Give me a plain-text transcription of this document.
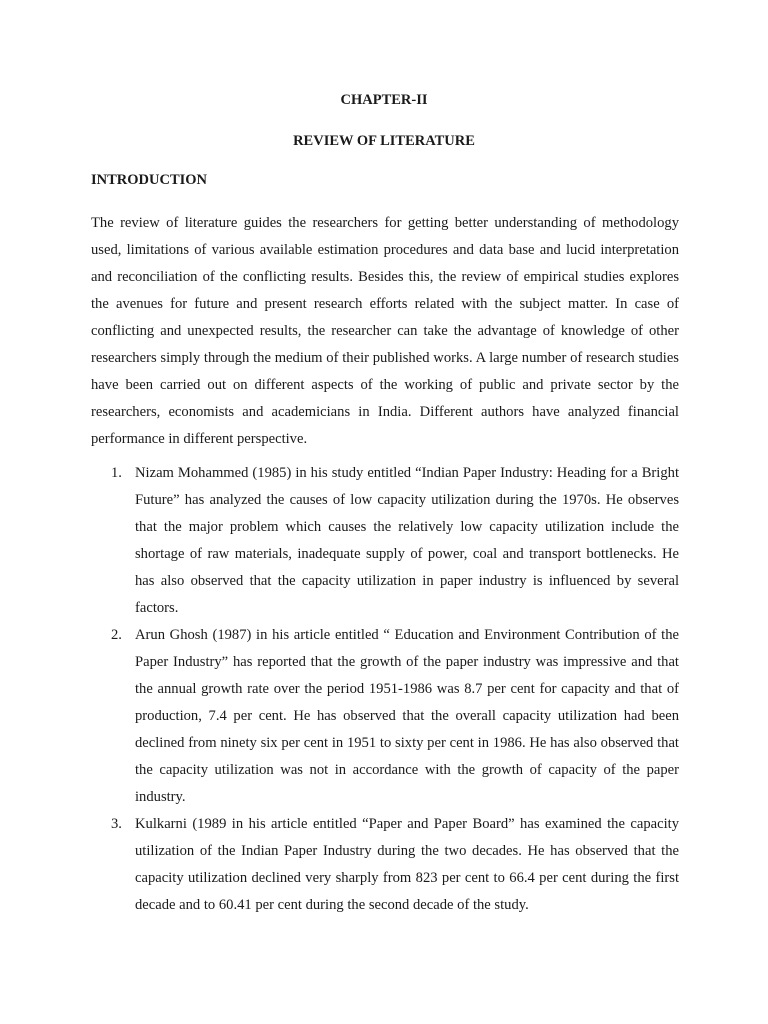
CHAPTER-II
REVIEW OF LITERATURE
INTRODUCTION

The review of literature guides the researchers for getting better understanding of methodology used, limitations of various available estimation procedures and data base and lucid interpretation and reconciliation of the conflicting results. Besides this, the review of empirical studies explores the avenues for future and present research efforts related with the subject matter. In case of conflicting and unexpected results, the researcher can take the advantage of knowledge of other researchers simply through the medium of their published works. A large number of research studies have been carried out on different aspects of the working of public and private sector by the researchers, economists and academicians in India. Different authors have analyzed financial performance in different perspective.

1. Nizam Mohammed (1985) in his study entitled “Indian Paper Industry: Heading for a Bright Future” has analyzed the causes of low capacity utilization during the 1970s. He observes that the major problem which causes the relatively low capacity utilization include the shortage of raw materials, inadequate supply of power, coal and transport bottlenecks. He has also observed that the capacity utilization in paper industry is influenced by several factors.
2. Arun Ghosh (1987) in his article entitled “ Education and Environment Contribution of the Paper Industry” has reported that the growth of the paper industry was impressive and that the annual growth rate over the period 1951-1986 was 8.7 per cent for capacity and that of production, 7.4 per cent. He has observed that the overall capacity utilization had been declined from ninety six per cent in 1951 to sixty per cent in 1986. He has also observed that the capacity utilization was not in accordance with the growth of capacity of the paper industry.
3. Kulkarni (1989 in his article entitled “Paper and Paper Board” has examined the capacity utilization of the Indian Paper Industry during the two decades. He has observed that the capacity utilization declined very sharply from 823 per cent to 66.4 per cent during the first decade and to 60.41 per cent during the second decade of the study.
